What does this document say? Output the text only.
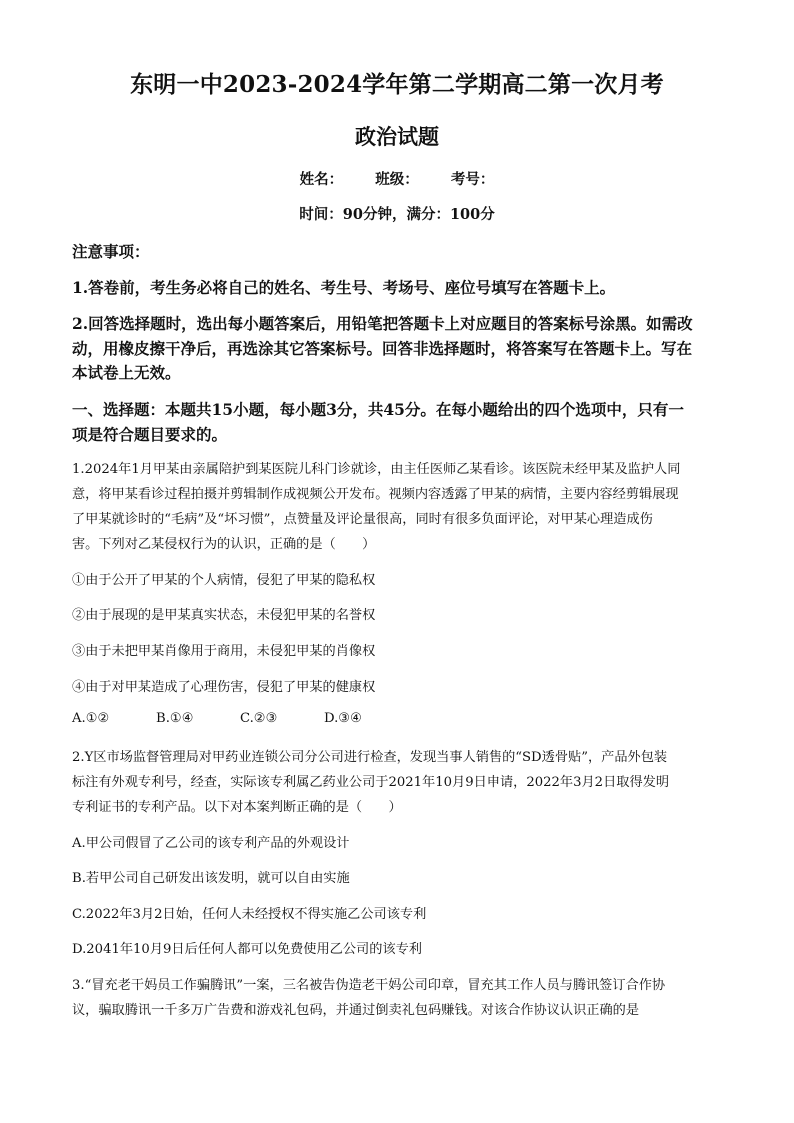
东明一中2023-2024学年第二学期高二第一次月考
政治试题
姓名： 班级： 考号：
时间：90分钟，满分：100分
注意事项：
1.答卷前，考生务必将自己的姓名、考生号、考场号、座位号填写在答题卡上。
2.回答选择题时，选出每小题答案后，用铅笔把答题卡上对应题目的答案标号涂黑。如需改
动，用橡皮擦干净后，再选涂其它答案标号。回答非选择题时，将答案写在答题卡上。写在
本试卷上无效。
一、选择题：本题共15小题，每小题3分，共45分。在每小题给出的四个选项中，只有一
项是符合题目要求的。
1.2024年1月甲某由亲属陪护到某医院儿科门诊就诊，由主任医师乙某看诊。该医院未经甲某及监护人同
意，将甲某看诊过程拍摄并剪辑制作成视频公开发布。视频内容透露了甲某的病情，主要内容经剪辑展现
了甲某就诊时的“毛病”及“坏习惯”，点赞量及评论量很高，同时有很多负面评论，对甲某心理造成伤
害。下列对乙某侵权行为的认识，正确的是（　　）
①由于公开了甲某的个人病情，侵犯了甲某的隐私权
②由于展现的是甲某真实状态，未侵犯甲某的名誉权
③由于未把甲某肖像用于商用，未侵犯甲某的肖像权
④由于对甲某造成了心理伤害，侵犯了甲某的健康权
A.①②	B.①④	C.②③	D.③④
2.Y区市场监督管理局对甲药业连锁公司分公司进行检查，发现当事人销售的“SD透骨贴”，产品外包装
标注有外观专利号，经查，实际该专利属乙药业公司于2021年10月9日申请，2022年3月2日取得发明
专利证书的专利产品。以下对本案判断正确的是（　　）
A.甲公司假冒了乙公司的该专利产品的外观设计
B.若甲公司自己研发出该发明，就可以自由实施
C.2022年3月2日始，任何人未经授权不得实施乙公司该专利
D.2041年10月9日后任何人都可以免费使用乙公司的该专利
3.“冒充老干妈员工作骗腾讯”一案，三名被告伪造老干妈公司印章，冒充其工作人员与腾讯签订合作协
议，骗取腾讯一千多万广告费和游戏礼包码，并通过倒卖礼包码赚钱。对该合作协议认识正确的是
